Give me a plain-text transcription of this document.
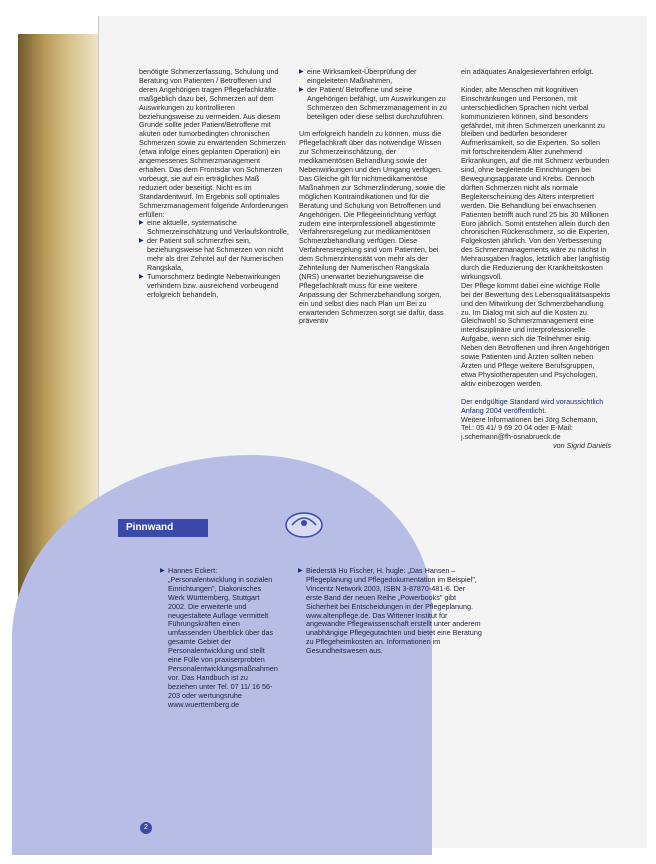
benötigte Schmerzerfassung, Schulung und Beratung von Patienten / Betroffenen und deren Angehörigen tragen Pflegefachkräfte maßgeblich dazu bei, Schmerzen auf dem Auswirkungen zu kontrollieren beziehungsweise zu vermeiden. Aus diesem Grunde sollte jeder Patient/Betroffene mit akuten oder tumorbedingten chronischen Schmerzen sowie zu erwartenden Schmerzen (etwa infolge eines geplanten Operation) ein angemessenes Schmerzmanagement erhalten. Das dem Frontsdar von Schmerzen vorbeugt, sie auf ein erträgliches Maß reduziert oder beseitigt. Nicht es im Standardentwurf. Im Ergebnis soll optimales Schmerzmanagement folgende Anforderungen erfüllen:

▶ eine aktuelle, systematische Schmerzeinschätzung und Verlaufskontrolle,

▶ der Patient soll schmerzfrei sein, beziehungsweise hat Schmerzen von nicht mehr als drei Zehntel auf der Numerischen Rangskala,

▶ Tumorschmerz bedingte Nebenwirkungen verhindern bzw. ausreichend vorbeugend erfolgreich behandeln,

▶ eine Wirksamkeit-Überprüfung der eingeleiteten Maßnahmen,

▶ der Patient/ Betroffene und seine Angehörigen befähigt, um Auswirkungen zu Schmerzen den Schmerzmanagement in zu beteiligen oder diese selbst durchzuführen.

Um erfolgreich handeln zu können, muss die Pflegefachkraft über das notwendige Wissen zur Schmerzeinschätzung, der medikamentösen Behandlung sowie der Nebenwirkungen und den Umgang verfügen. Das Gleiche gilt für nichtmedikamentöse Maßnahmen zur Schmerzlinderung, sowie die möglichen Kontraindikationen und für die Beratung und Schulung von Betroffenen und Angehörigen. Die Pflegeeinrichtung verfügt zudem eine interprofessionell abgestimmte Verfahrensregelung zur medikamentösen Schmerzbehandlung verfügen. Diese Verfahrensregelung sind vom Patienten, bei dem Schmerzintensität von mehr als der Zehnteilung der Numerischen Rangskala (NRS) unerwartet beziehungsweise die Pflegefachkraft muss für eine weitere Anpassung der Schmerzbehandlung sorgen, ein und selbst dies nach Plan um Bei zu erwartenden Schmerzen sorgt sie dafür, dass präventiv

ein adäquates Analgesieverfahren erfolgt.

Kinder, alte Menschen mit kognitiven Einschränkungen und Personen, mit unterschiedlichen Sprachen nicht verbal kommunizieren können, sind besonders gefährdet, mit ihren Schmerzen unerkannt zu bleiben und bedürfen besonderer Aufmerksamkeit, so die Experten. So sollen mit fortschreitendem Alter zunehmend Erkrankungen, auf die mit Schmerz verbunden sind, ohne begleitende Einrichtungen bei Bewegungsapparate und Krebs. Dennoch dürften Schmerzen nicht als normale Begleiterscheinung des Alters interpretiert werden. Die Behandlung bei erwachsenen Patienten betrifft auch rund 25 bis 30 Millionen Euro jährlich. Somit entstehen allein durch den chronischen Rückenschmerz, so die Experten, Folgekosten jährlich. Von den Verbesserung des Schmerzmanagements wäre zu nächst in Mehrausgaben fraglos, letztlich aber langfristig durch die Reduzierung der Krankheitskosten wirkungsvoll.

Der Pflege kommt dabei eine wichtige Rolle bei der Bewertung des Lebensqualitätsaspekts und den Mitwirkung der Schmerzbehandlung zu. Im Dialog mit sich auf die Kosten zu. Gleichwohl so Schmerzmanagement eine interdisziplinäre und interprofessionelle Aufgabe, wenn sich die Teilnehmer einig. Neben den Betroffenen und ihren Angehörigen sowie Patienten und Ärzten sollten neben Ärzten und Pflege weitere Berufsgruppen, etwa Physiotherapeuten und Psychologen, aktiv einbezogen werden.

Der endgültige Standard wird voraussichtlich Anfang 2004 veröffentlicht.

Weitere Informationen bei Jörg Schemann, Tel.: 05 41/ 9 69 20 04 oder E-Mail: j.schemann@fh-osnabrueck.de

von Sigrid Daniels

Pinnwand

▶ Hannes Eckert: „Personalentwicklung in sozialen Einrichtungen", Diakonisches Werk Württemberg, Stuttgart 2002. Die erweiterte und neugestaltete Auflage vermittelt Führungskräften einen umfassenden Überblick über das gesamte Gebiet der Personalentwicklung und stellt eine Fülle von praxiserprobten Personalentwicklungsmaßnahmen vor. Das Handbuch ist zu beziehen unter Tel. 07 11/ 16 56-203 oder wertungsruhe www.wuerttemberg.de

▶ Biederstä Hu Fischer, H. hugle: „Das Hansen – Pflegeplanung und Pflegedokumentation im Beispiel", Vincentz Network 2003, ISBN 3-87870-481-6. Der erste Band der neuen Reihe „Powerbooks" gibt Sicherheit bei Entscheidungen in der Pflegeplanung. www.altenpflege.de. Das Wittener Institut für angewandte Pflegewissenschaft erstellt unter anderem unabhängige Pflegegutachten und bietet eine Beratung zu Pflegeheimkosten an. Informationen im Gesundheitswesen aus.

2
